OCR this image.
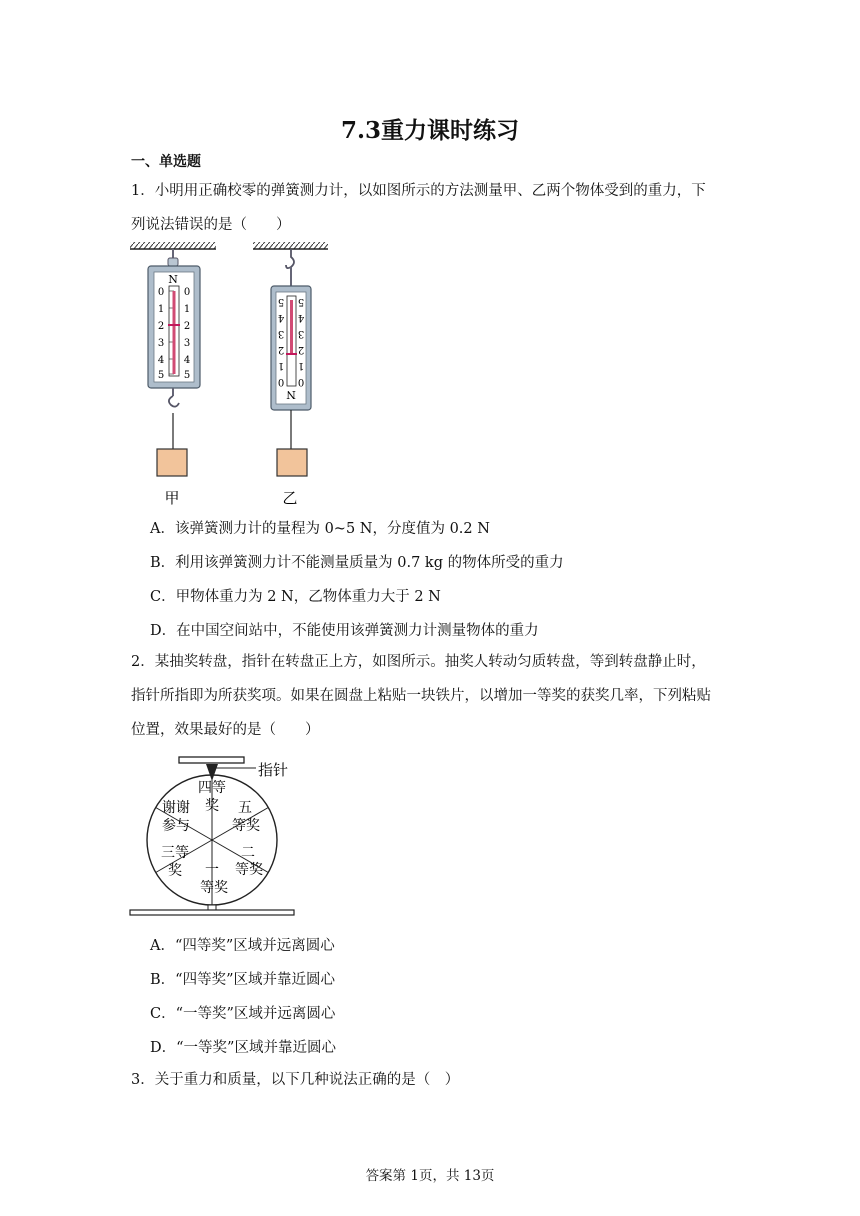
7.3重力课时练习
一、单选题
1．小明用正确校零的弹簧测力计，以如图所示的方法测量甲、乙两个物体受到的重力，下
列说法错误的是（　　）
N
0
1
2
3
4
5
0
1
2
3
4
5
甲
5
4
3
2
1
0
5
4
3
2
1
0
N
乙
A．该弹簧测力计的量程为 0~5 N，分度值为 0.2 N
B．利用该弹簧测力计不能测量质量为 0.7 kg 的物体所受的重力
C．甲物体重力为 2 N，乙物体重力大于 2 N
D．在中国空间站中，不能使用该弹簧测力计测量物体的重力
2．某抽奖转盘，指针在转盘正上方，如图所示。抽奖人转动匀质转盘，等到转盘静止时，
指针所指即为所获奖项。如果在圆盘上粘贴一块铁片，以增加一等奖的获奖几率，下列粘贴
位置，效果最好的是（　　）
指针
四等
奖 五
等奖
二
等奖
一
等奖
三等
奖
谢谢
参与
A．“四等奖”区域并远离圆心
B．“四等奖”区域并靠近圆心
C．“一等奖”区域并远离圆心
D．“一等奖”区域并靠近圆心
3．关于重力和质量，以下几种说法正确的是（　）
答案第 1页，共 13页
